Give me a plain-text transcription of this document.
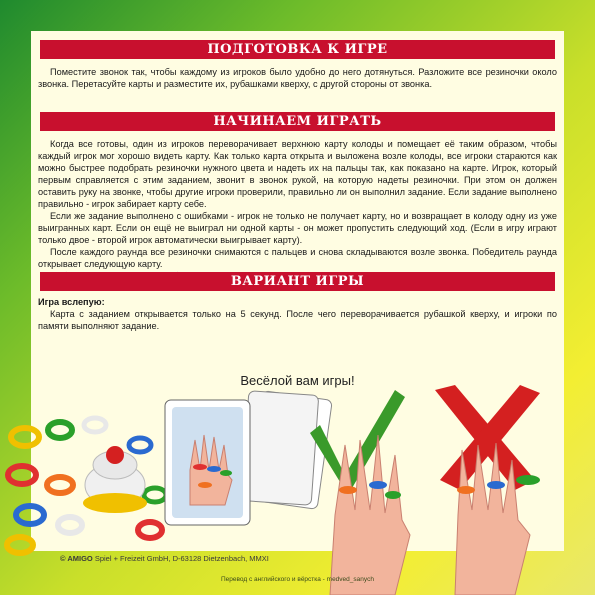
ПОДГОТОВКА К ИГРЕ

Поместите звонок так, чтобы каждому из игроков было удобно до него дотянуться. Разложите все резиночки около звонка. Перетасуйте карты и разместите их, рубашками кверху, с другой стороны от звонка.

НАЧИНАЕМ ИГРАТЬ

Когда все готовы, один из игроков переворачивает верхнюю карту колоды и помещает её таким образом, чтобы каждый игрок мог хорошо видеть карту. Как только карта открыта и выложена возле колоды, все игроки стараются как можно быстрее подобрать резиночки нужного цвета и надеть их на пальцы так, как показано на карте. Игрок, который первым справляется с этим заданием, звонит в звонок рукой, на которую надеты резиночки. При этом он должен оставить руку на звонке, чтобы другие игроки проверили, правильно ли он выполнил задание. Если задание выполнено правильно - игрок забирает карту себе.

Если же задание выполнено с ошибками - игрок не только не получает карту, но и возвращает в колоду одну из уже выигранных карт. Если он ещё не выиграл ни одной карты - он может пропустить следующий ход. (Если в игру играют только двое - второй игрок автоматически выигрывает карту).

После каждого раунда все резиночки снимаются с пальцев и снова складываются возле звонка. Победитель раунда открывает следующую карту.

ВАРИАНТ ИГРЫ

Игра вслепую:

Карта с заданием открывается только на 5 секунд. После чего переворачивается рубашкой кверху, и игроки по памяти выполняют задание.

Весёлой вам игры!
© AMIGO Spiel + Freizeit GmbH, D-63128 Dietzenbach, MMXI
Перевод с английского и вёрстка - medved_sanych
